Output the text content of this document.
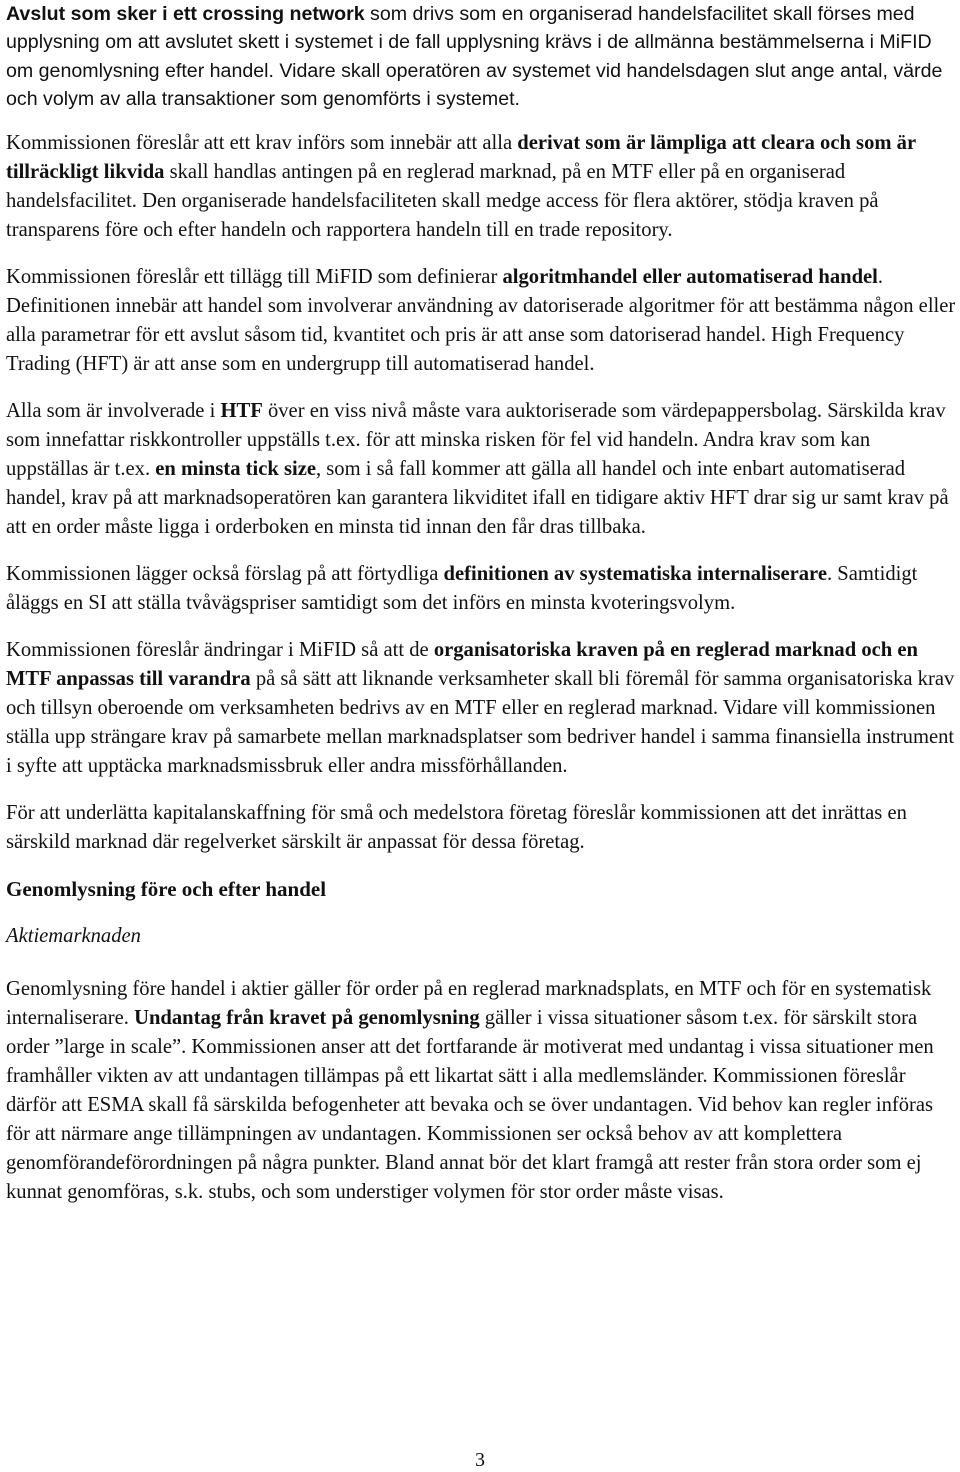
Avslut som sker i ett crossing network som drivs som en organiserad handelsfacilitet skall förses med upplysning om att avslutet skett i systemet i de fall upplysning krävs i de allmänna bestämmelserna i MiFID om genomlysning efter handel. Vidare skall operatören av systemet vid handelsdagen slut ange antal, värde och volym av alla transaktioner som genomförts i systemet.

Kommissionen föreslår att ett krav införs som innebär att alla derivat som är lämpliga att cleara och som är tillräckligt likvida skall handlas antingen på en reglerad marknad, på en MTF eller på en organiserad handelsfacilitet. Den organiserade handelsfaciliteten skall medge access för flera aktörer, stödja kraven på transparens före och efter handeln och rapportera handeln till en trade repository.

Kommissionen föreslår ett tillägg till MiFID som definierar algoritmhandel eller automatiserad handel. Definitionen innebär att handel som involverar användning av datoriserade algoritmer för att bestämma någon eller alla parametrar för ett avslut såsom tid, kvantitet och pris är att anse som datoriserad handel. High Frequency Trading (HFT) är att anse som en undergrupp till automatiserad handel.

Alla som är involverade i HTF över en viss nivå måste vara auktoriserade som värdepappersbolag. Särskilda krav som innefattar riskkontroller uppställs t.ex. för att minska risken för fel vid handeln. Andra krav som kan uppställas är t.ex. en minsta tick size, som i så fall kommer att gälla all handel och inte enbart automatiserad handel, krav på att marknadsoperatören kan garantera likviditet ifall en tidigare aktiv HFT drar sig ur samt krav på att en order måste ligga i orderboken en minsta tid innan den får dras tillbaka.

Kommissionen lägger också förslag på att förtydliga definitionen av systematiska internaliserare. Samtidigt åläggs en SI att ställa tvåvägspriser samtidigt som det införs en minsta kvoteringsvolym.

Kommissionen föreslår ändringar i MiFID så att de organisatoriska kraven på en reglerad marknad och en MTF anpassas till varandra på så sätt att liknande verksamheter skall bli föremål för samma organisatoriska krav och tillsyn oberoende om verksamheten bedrivs av en MTF eller en reglerad marknad. Vidare vill kommissionen ställa upp strängare krav på samarbete mellan marknadsplatser som bedriver handel i samma finansiella instrument i syfte att upptäcka marknadsmissbruk eller andra missförhållanden.

För att underlätta kapitalanskaffning för små och medelstora företag föreslår kommissionen att det inrättas en särskild marknad där regelverket särskilt är anpassat för dessa företag.

Genomlysning före och efter handel

Aktiemarknaden

Genomlysning före handel i aktier gäller för order på en reglerad marknadsplats, en MTF och för en systematisk internaliserare. Undantag från kravet på genomlysning gäller i vissa situationer såsom t.ex. för särskilt stora order ”large in scale”. Kommissionen anser att det fortfarande är motiverat med undantag i vissa situationer men framhåller vikten av att undantagen tillämpas på ett likartat sätt i alla medlemsländer. Kommissionen föreslår därför att ESMA skall få särskilda befogenheter att bevaka och se över undantagen. Vid behov kan regler införas för att närmare ange tillämpningen av undantagen. Kommissionen ser också behov av att komplettera genomförandeförordningen på några punkter. Bland annat bör det klart framgå att rester från stora order som ej kunnat genomföras, s.k. stubs, och som understiger volymen för stor order måste visas.

3
